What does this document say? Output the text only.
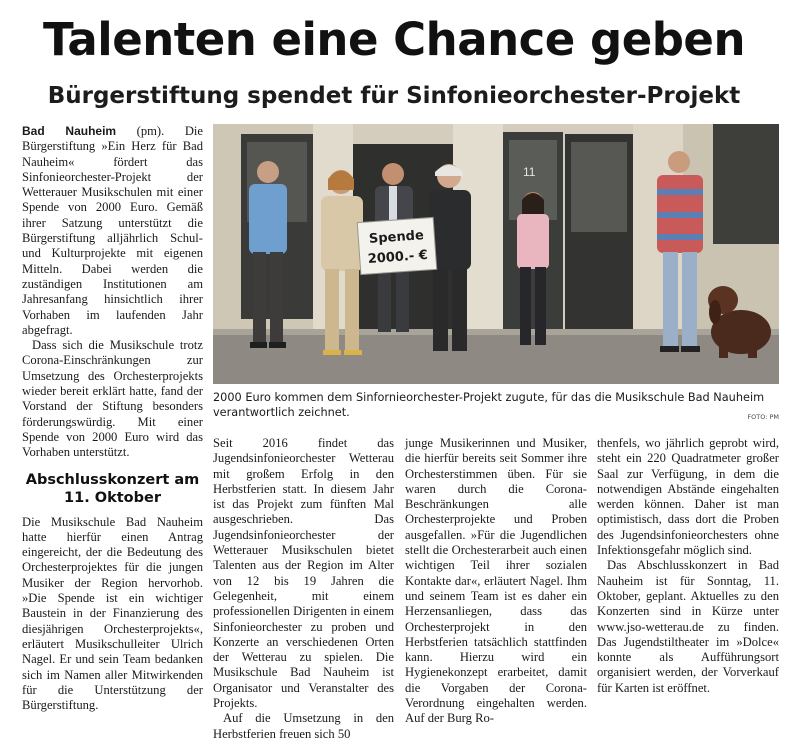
Talenten eine Chance geben
Bürgerstiftung spendet für Sinfonieorchester-Projekt

Bad Nauheim (pm). Die Bürgerstiftung »Ein Herz für Bad Nauheim« fördert das Sinfonieorchester-Projekt der Wetterauer Musikschulen mit einer Spende von 2000 Euro. Gemäß ihrer Satzung unterstützt die Bürgerstiftung alljährlich Schul- und Kulturprojekte mit eigenen Mitteln. Dabei werden die zuständigen Institutionen am Jahresanfang hinsichtlich ihrer Vorhaben im laufenden Jahr abgefragt.

Dass sich die Musikschule trotz Corona-Einschränkungen zur Umsetzung des Orchesterprojekts wieder bereit erklärt hatte, fand der Vorstand der Stiftung besonders förderungswürdig. Mit einer Spende von 2000 Euro wird das Vorhaben unterstützt.

Abschlusskonzert am 11. Oktober

Die Musikschule Bad Nauheim hatte hierfür einen Antrag eingereicht, der die Bedeutung des Orchesterprojektes für die jungen Musiker der Region hervorhob. »Die Spende ist ein wichtiger Baustein in der Finanzierung des diesjährigen Orchesterprojekts«, erläutert Musikschulleiter Ulrich Nagel. Er und sein Team bedanken sich im Namen aller Mitwirkenden für die Unterstützung der Bürgerstiftung.

11
Spende
2000.- €
2000 Euro kommen dem Sinfornieorchester-Projekt zugute, für das die Musikschule Bad Nauheim verantwortlich zeichnet.	FOTO: PM

Seit 2016 findet das Jugendsinfonieorchester Wetterau mit großem Erfolg in den Herbstferien statt. In diesem Jahr ist das Projekt zum fünften Mal ausgeschrieben. Das Jugendsinfonieorchester der Wetterauer Musikschulen bietet Talenten aus der Region im Alter von 12 bis 19 Jahren die Gelegenheit, mit einem professionellen Dirigenten in einem Sinfonieorchester zu proben und Konzerte an verschiedenen Orten der Wetterau zu spielen. Die Musikschule Bad Nauheim ist Organisator und Veranstalter des Projekts.

Auf die Umsetzung in den Herbstferien freuen sich 50

junge Musikerinnen und Musiker, die hierfür bereits seit Sommer ihre Orchesterstimmen üben. Für sie waren durch die Corona-Beschränkungen alle Orchesterprojekte und Proben ausgefallen. »Für die Jugendlichen stellt die Orchesterarbeit auch einen wichtigen Teil ihrer sozialen Kontakte dar«, erläutert Nagel. Ihm und seinem Team ist es daher ein Herzensanliegen, dass das Orchesterprojekt in den Herbstferien tatsächlich stattfinden kann. Hierzu wird ein Hygienekonzept erarbeitet, damit die Vorgaben der Corona-Verordnung eingehalten werden. Auf der Burg Ro-

thenfels, wo jährlich geprobt wird, steht ein 220 Quadratmeter großer Saal zur Verfügung, in dem die notwendigen Abstände eingehalten werden können. Daher ist man optimistisch, dass dort die Proben des Jugendsinfonieorchesters ohne Infektionsgefahr möglich sind.

Das Abschlusskonzert in Bad Nauheim ist für Sonntag, 11. Oktober, geplant. Aktuelles zu den Konzerten sind in Kürze unter www.jso-wetterau.de zu finden. Das Jugendstiltheater im »Dolce« konnte als Aufführungsort organisiert werden, der Vorverkauf für Karten ist eröffnet.
